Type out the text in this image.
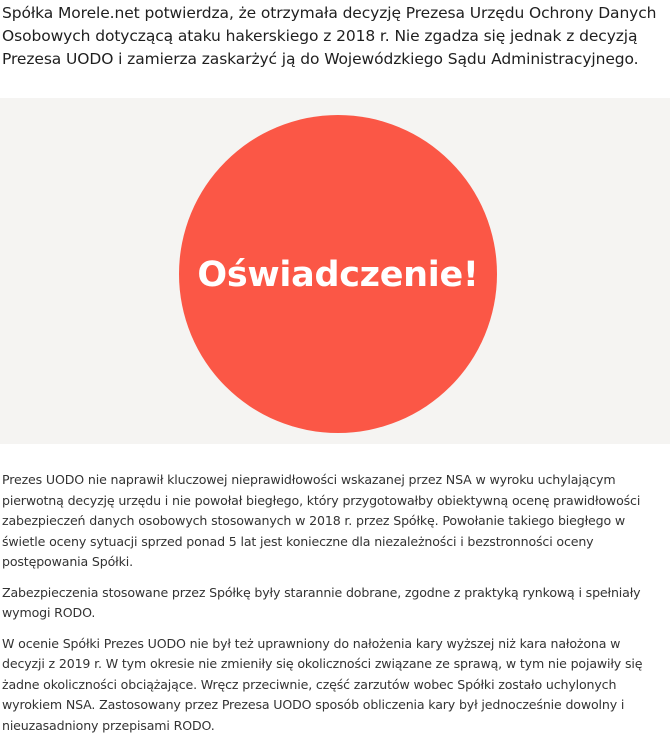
Spółka Morele.net potwierdza, że otrzymała decyzję Prezesa Urzędu Ochrony Danych Osobowych dotyczącą ataku hakerskiego z 2018 r. Nie zgadza się jednak z decyzją Prezesa UODO i zamierza zaskarżyć ją do Wojewódzkiego Sądu Administracyjnego.

Oświadczenie!

Prezes UODO nie naprawił kluczowej nieprawidłowości wskazanej przez NSA w wyroku uchylającym pierwotną decyzję urzędu i nie powołał biegłego, który przygotowałby obiektywną ocenę prawidłowości zabezpieczeń danych osobowych stosowanych w 2018 r. przez Spółkę. Powołanie takiego biegłego w świetle oceny sytuacji sprzed ponad 5 lat jest konieczne dla niezależności i bezstronności oceny postępowania Spółki.

Zabezpieczenia stosowane przez Spółkę były starannie dobrane, zgodne z praktyką rynkową i spełniały wymogi RODO.

W ocenie Spółki Prezes UODO nie był też uprawniony do nałożenia kary wyższej niż kara nałożona w decyzji z 2019 r. W tym okresie nie zmieniły się okoliczności związane ze sprawą, w tym nie pojawiły się żadne okoliczności obciążające. Wręcz przeciwnie, część zarzutów wobec Spółki zostało uchylonych wyrokiem NSA. Zastosowany przez Prezesa UODO sposób obliczenia kary był jednocześnie dowolny i nieuzasadniony przepisami RODO.
